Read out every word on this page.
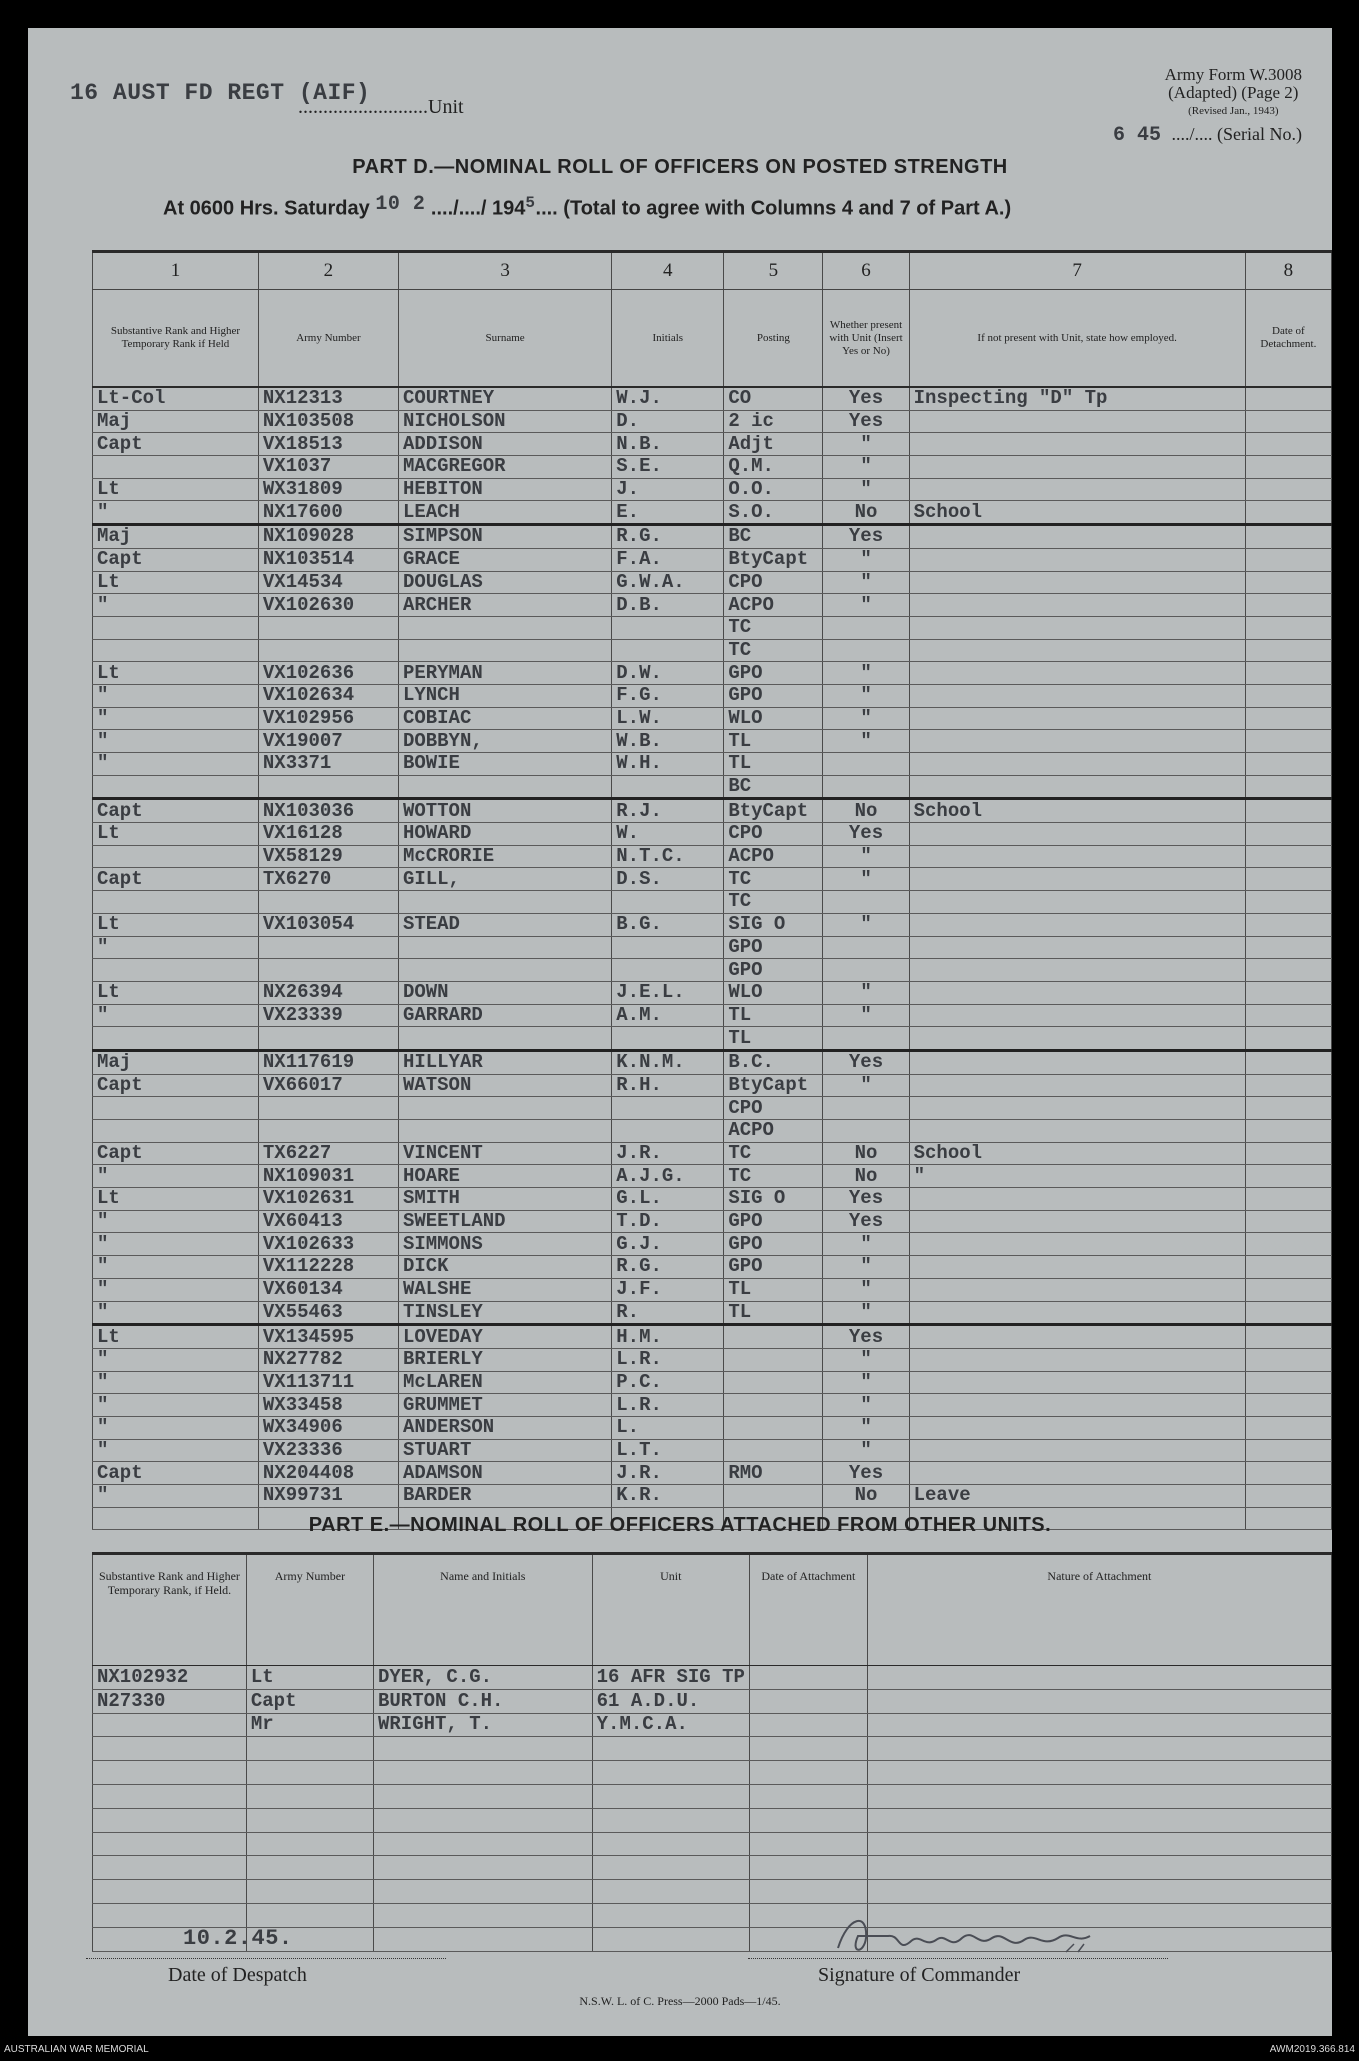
16 AUST FD REGT (AIF)
..........................Unit
Army Form W.3008
(Adapted) (Page 2)
(Revised Jan., 1943)
6 45 ..../.... (Serial No.)
PART D.—NOMINAL ROLL OF OFFICERS ON POSTED STRENGTH
At 0600 Hrs. Saturday 10 2 ..../..../ $194^5$.... (Total to agree with Columns 4 and 7 of Part A.)
1	2	3	4	5	6	7	8
Substantive Rank and Higher Temporary Rank if Held	Army Number	Surname	Initials	Posting	Whether present with Unit (Insert Yes or No)	If not present with Unit, state how employed.	Date of Detachment.
Lt-Col	NX12313	COURTNEY	W.J.	CO	Yes	Inspecting "D" Tp	
Maj	NX103508	NICHOLSON	D.	2 ic	Yes		
Capt	VX18513	ADDISON	N.B.	Adjt	"		
	VX1037	MACGREGOR	S.E.	Q.M.	"		
Lt	WX31809	HEBITON	J.	O.O.	"		
"	NX17600	LEACH	E.	S.O.	No	School	
Maj	NX109028	SIMPSON	R.G.	BC	Yes		
Capt	NX103514	GRACE	F.A.	BtyCapt	"		
Lt	VX14534	DOUGLAS	G.W.A.	CPO	"		
"	VX102630	ARCHER	D.B.	ACPO	"		
				TC			
				TC			
Lt	VX102636	PERYMAN	D.W.	GPO	"		
"	VX102634	LYNCH	F.G.	GPO	"		
"	VX102956	COBIAC	L.W.	WLO	"		
"	VX19007	DOBBYN,	W.B.	TL	"		
"	NX3371	BOWIE	W.H.	TL			
				BC			
Capt	NX103036	WOTTON	R.J.	BtyCapt	No	School	
Lt	VX16128	HOWARD	W.	CPO	Yes		
	VX58129	McCRORIE	N.T.C.	ACPO	"		
Capt	TX6270	GILL,	D.S.	TC	"		
				TC			
Lt	VX103054	STEAD	B.G.	SIG O	"		
"				GPO			
				GPO			
Lt	NX26394	DOWN	J.E.L.	WLO	"		
"	VX23339	GARRARD	A.M.	TL	"		
				TL			
Maj	NX117619	HILLYAR	K.N.M.	B.C.	Yes		
Capt	VX66017	WATSON	R.H.	BtyCapt	"		
				CPO			
				ACPO			
Capt	TX6227	VINCENT	J.R.	TC	No	School	
"	NX109031	HOARE	A.J.G.	TC	No	"	
Lt	VX102631	SMITH	G.L.	SIG O	Yes		
"	VX60413	SWEETLAND	T.D.	GPO	Yes		
"	VX102633	SIMMONS	G.J.	GPO	"		
"	VX112228	DICK	R.G.	GPO	"		
"	VX60134	WALSHE	J.F.	TL	"		
"	VX55463	TINSLEY	R.	TL	"		
Lt	VX134595	LOVEDAY	H.M.		Yes		
"	NX27782	BRIERLY	L.R.		"		
"	VX113711	McLAREN	P.C.		"		
"	WX33458	GRUMMET	L.R.		"		
"	WX34906	ANDERSON	L.		"		
"	VX23336	STUART	L.T.		"		
Capt	NX204408	ADAMSON	J.R.	RMO	Yes		
"	NX99731	BARDER	K.R.		No	Leave	

PART E.—NOMINAL ROLL OF OFFICERS ATTACHED FROM OTHER UNITS.
Substantive Rank and Higher Temporary Rank, if Held.	Army Number	Name and Initials	Unit	Date of Attachment	Nature of Attachment
NX102932	Lt	DYER, C.G.	16 AFR SIG TP		
N27330	Capt	BURTON C.H.	61 A.D.U.		
	Mr	WRIGHT, T.	Y.M.C.A.		

10.2.45.
Date of Despatch	Signature of Commander
N.S.W. L. of C. Press—2000 Pads—1/45.
AUSTRALIAN WAR MEMORIAL	AWM2019.366.814
